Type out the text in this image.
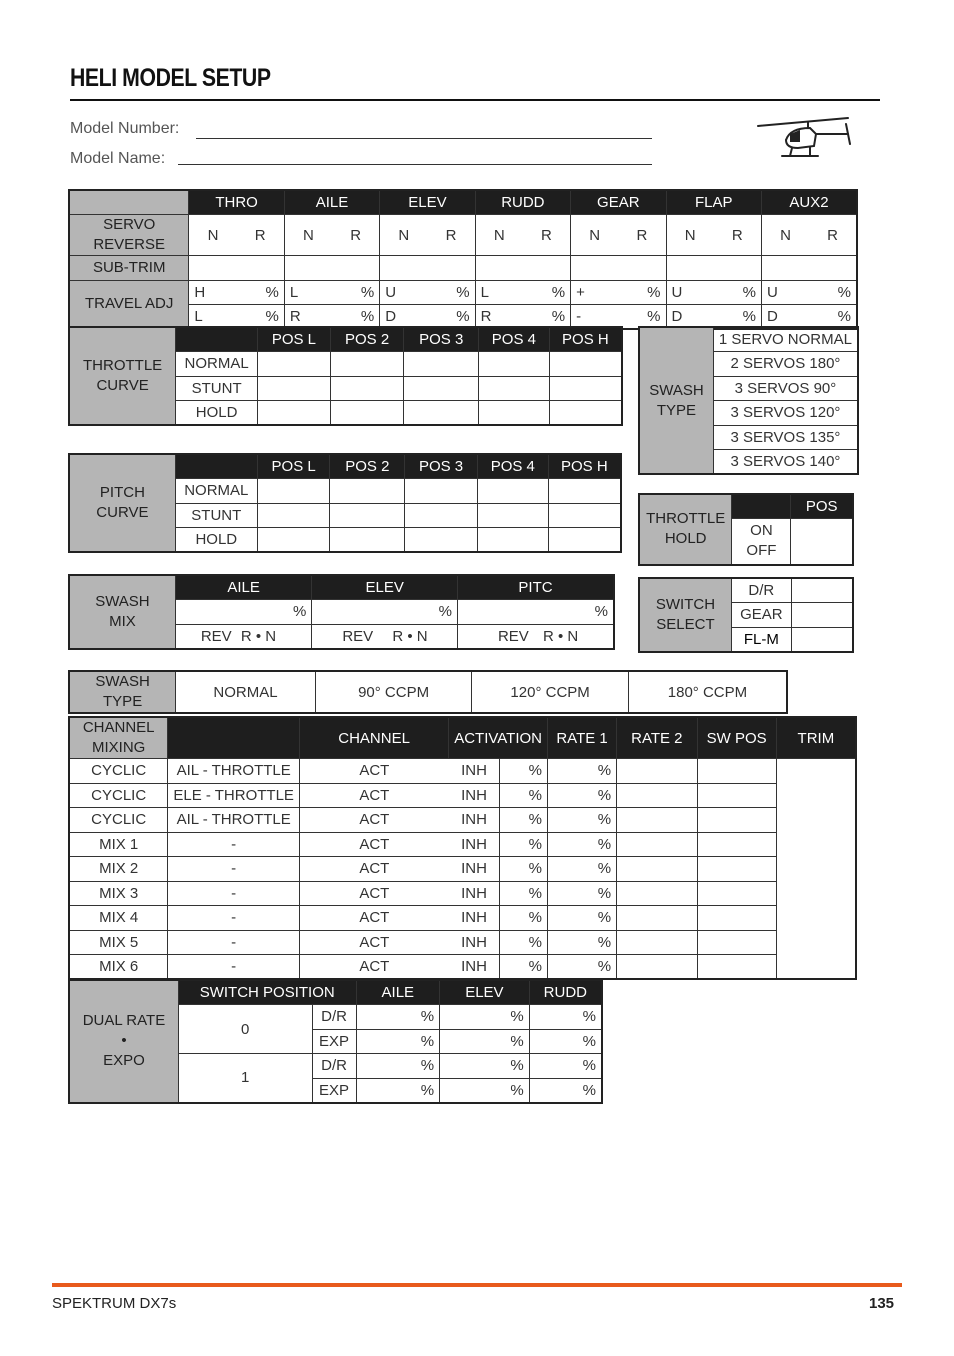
HELI MODEL SETUP
Model Number:
Model Name:
	THRO		AILE		ELEV		RUDD		GEAR		FLAP		AUX2	
SERVO REVERSE	N	R	N	R	N	R	N	R	N	R	N	R	N	R
SUB-TRIM														
TRAVEL ADJ	H	%	L	%	U	%	L	%	+	%	U	%	U	%
	L	%	R	%	D	%	R	%	-	%	D	%	D	%
THROTTLE
CURVE		POS L	POS 2	POS 3	POS 4	POS H
	NORMAL					
	STUNT					
	HOLD					
PITCH
CURVE		POS L	POS 2	POS 3	POS 4	POS H
	NORMAL					
	STUNT					
	HOLD					
SWASH
TYPE	1 SERVO NORMAL
2 SERVOS 180°
3 SERVOS 90°
3 SERVOS 120°
3 SERVOS 135°
3 SERVOS 140°
THROTTLE
HOLD		POS
	ON
OFF	
SWASH
MIX	AILE	ELEV	PITC
	%	%	%
	REV R • N	REV R • N	REV R • N
SWITCH
SELECT	D/R	
	GEAR	
	FL-M	
SWASH TYPE	NORMAL	90° CCPM	120° CCPM	180° CCPM
CHANNEL
MIXING		CHANNEL	ACTIVATION		RATE 1	RATE 2	SW POS	TRIM
CYCLIC	AIL - THROTTLE	ACT	INH	%	%			
CYCLIC	ELE - THROTTLE	ACT	INH	%	%			
CYCLIC	AIL - THROTTLE	ACT	INH	%	%			
MIX 1	-	ACT	INH	%	%			
MIX 2	-	ACT	INH	%	%			
MIX 3	-	ACT	INH	%	%			
MIX 4	-	ACT	INH	%	%			
MIX 5	-	ACT	INH	%	%			
MIX 6	-	ACT	INH	%	%			
DUAL RATE
•
EXPO	SWITCH POSITION		AILE	ELEV	RUDD
	0	D/R	%	%	%
		EXP	%	%	%
	1	D/R	%	%	%
		EXP	%	%	%
SPEKTRUM DX7s	135
